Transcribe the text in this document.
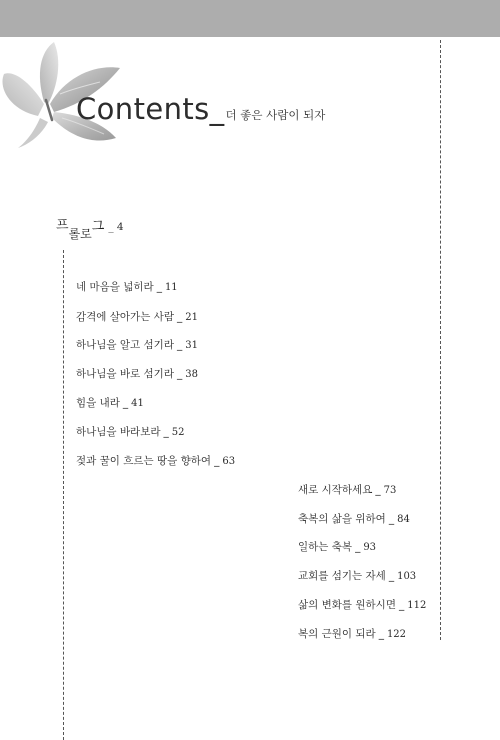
Contents_더 좋은 사람이 되자
$^프_{롤로}^그$ $^{\_ 4}$
네 마음을 넓히라 _ 11
감격에 살아가는 사람 _ 21
하나님을 알고 섬기라 _ 31
하나님을 바로 섬기라 _ 38
힘을 내라 _ 41
하나님을 바라보라 _ 52
젖과 꿀이 흐르는 땅을 향하여 _ 63
새로 시작하세요 _ 73
축복의 삶을 위하여 _ 84
일하는 축복 _ 93
교회를 섬기는 자세 _ 103
삶의 변화를 원하시면 _ 112
복의 근원이 되라 _ 122
